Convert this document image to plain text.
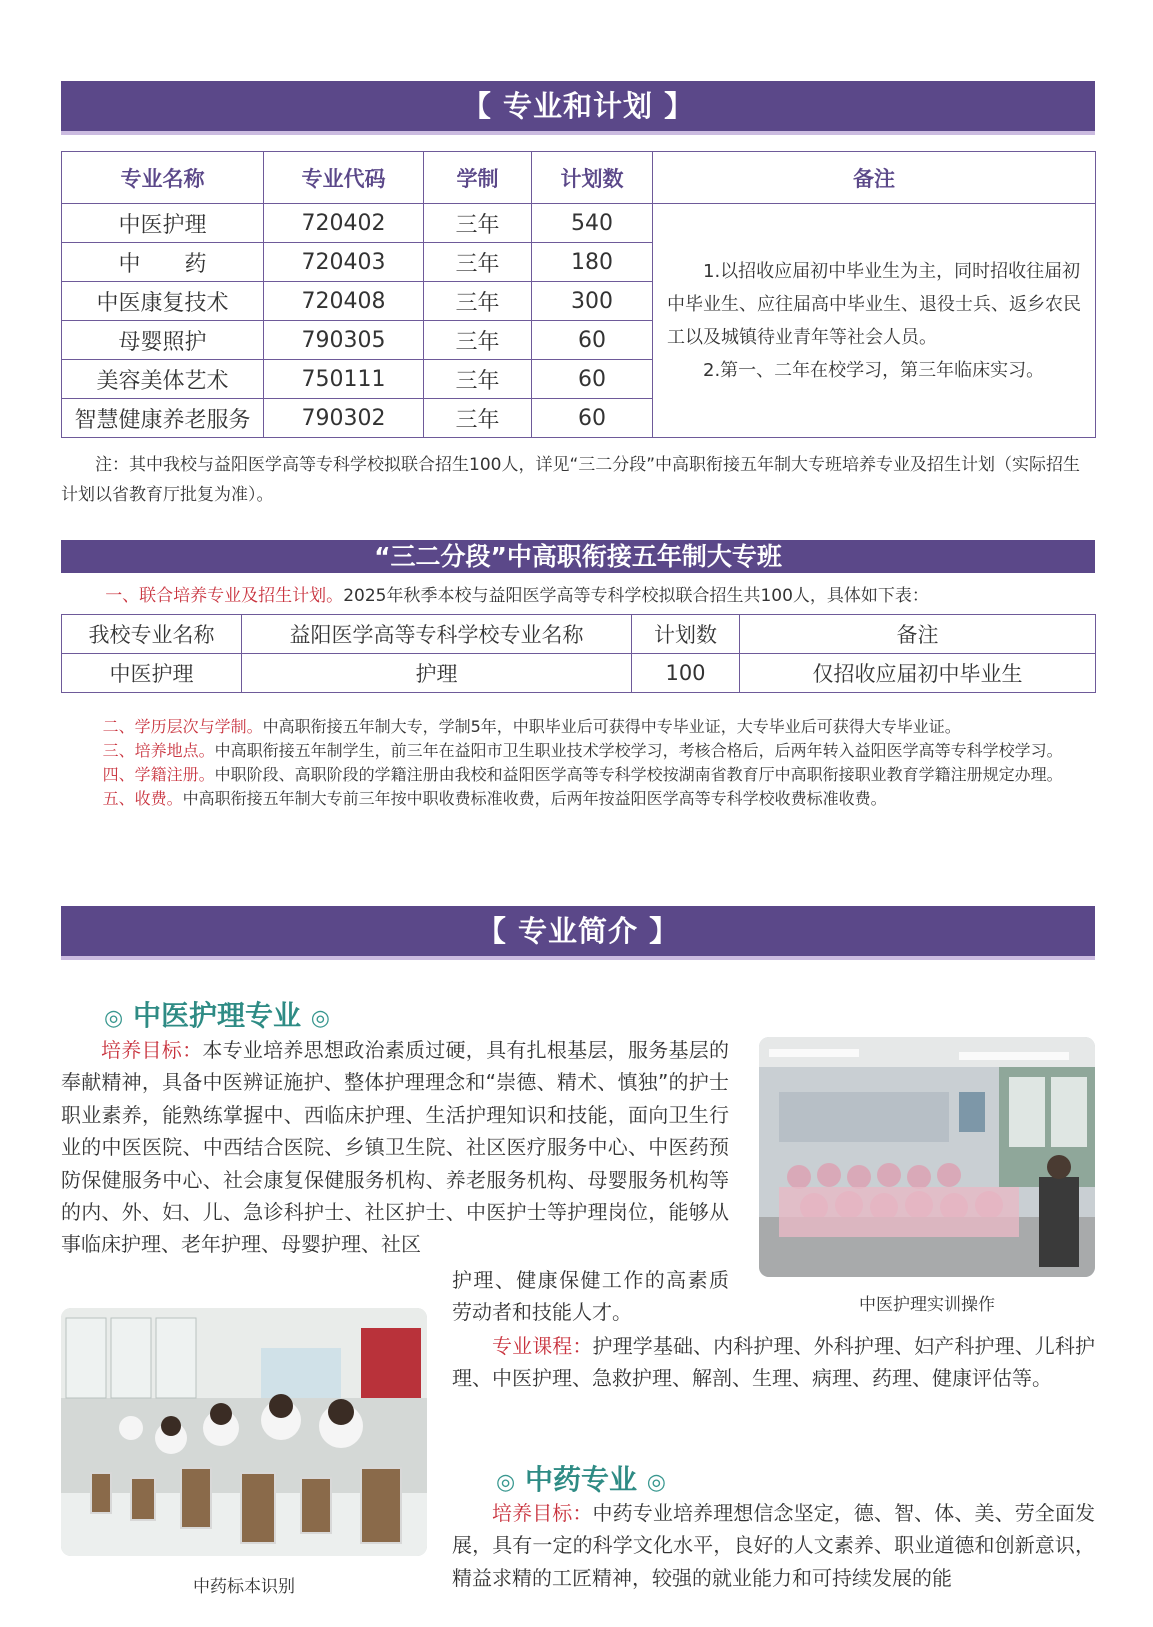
【 专业和计划 】
专业名称	专业代码	学制	计划数	备注
中医护理	720402	三年	540	1.以招收应届初中毕业生为主，同时招收往届初中毕业生、应往届高中毕业生、退役士兵、返乡农民工以及城镇待业青年等社会人员。

2.第一、二年在校学习，第三年临床实习。

中　　药	720403	三年	180	
中医康复技术	720408	三年	300	
母婴照护	790305	三年	60	
美容美体艺术	750111	三年	60	
智慧健康养老服务	790302	三年	60	
注：其中我校与益阳医学高等专科学校拟联合招生100人，详见“三二分段”中高职衔接五年制大专班培养专业及招生计划（实际招生计划以省教育厅批复为准）。
“三二分段”中高职衔接五年制大专班
一、联合培养专业及招生计划。2025年秋季本校与益阳医学高等专科学校拟联合招生共100人，具体如下表：
我校专业名称	益阳医学高等专科学校专业名称	计划数	备注
中医护理	护理	100	仅招收应届初中毕业生

二、学历层次与学制。中高职衔接五年制大专，学制5年，中职毕业后可获得中专毕业证，大专毕业后可获得大专毕业证。

三、培养地点。中高职衔接五年制学生，前三年在益阳市卫生职业技术学校学习，考核合格后，后两年转入益阳医学高等专科学校学习。

四、学籍注册。中职阶段、高职阶段的学籍注册由我校和益阳医学高等专科学校按湖南省教育厅中高职衔接职业教育学籍注册规定办理。

五、收费。中高职衔接五年制大专前三年按中职收费标准收费，后两年按益阳医学高等专科学校收费标准收费。

【 专业简介 】
◎ 中医护理专业 ◎

培养目标：本专业培养思想政治素质过硬，具有扎根基层，服务基层的奉献精神，具备中医辨证施护、整体护理理念和“崇德、精术、慎独”的护士职业素养，能熟练掌握中、西临床护理、生活护理知识和技能，面向卫生行业的中医医院、中西结合医院、乡镇卫生院、社区医疗服务中心、中医药预防保健服务中心、社会康复保健服务机构、养老服务机构、母婴服务机构等的内、外、妇、儿、急诊科护士、社区护士、中医护士等护理岗位，能够从事临床护理、老年护理、母婴护理、社区

护理、健康保健工作的高素质劳动者和技能人才。	中医护理实训操作
中药标本识别

专业课程：护理学基础、内科护理、外科护理、妇产科护理、儿科护理、中医护理、急救护理、解剖、生理、病理、药理、健康评估等。

◎ 中药专业 ◎

培养目标：中药专业培养理想信念坚定，德、智、体、美、劳全面发展，具有一定的科学文化水平，良好的人文素养、职业道德和创新意识，精益求精的工匠精神，较强的就业能力和可持续发展的能
